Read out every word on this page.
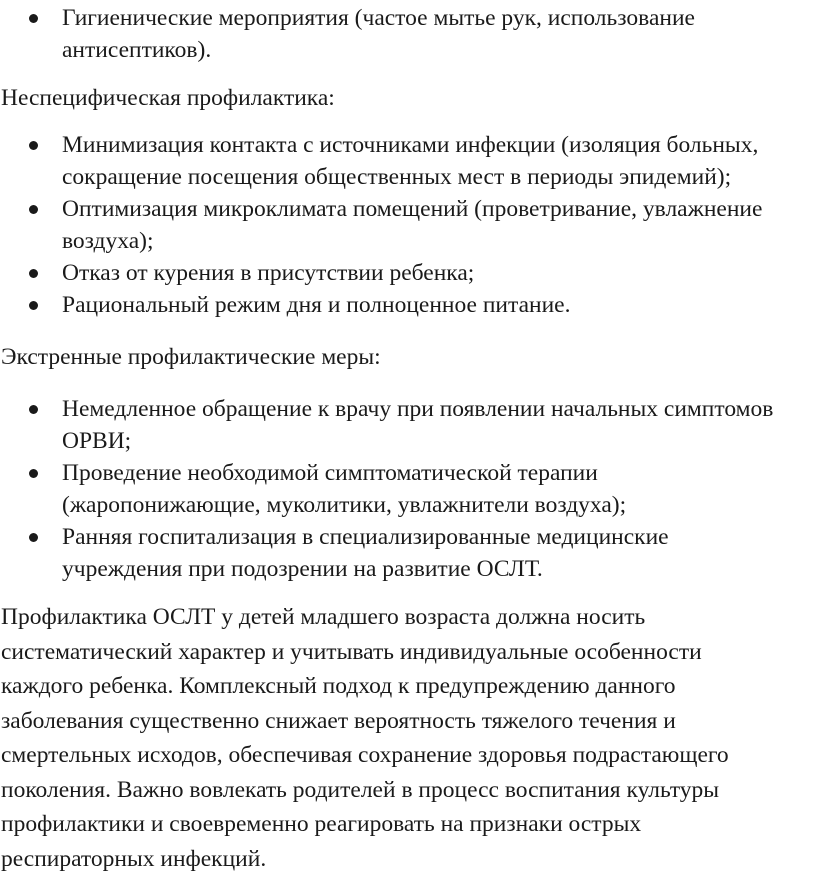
Гигиенические мероприятия (частое мытье рук, использование
антисептиков).

Неспецифическая профилактика:

Минимизация контакта с источниками инфекции (изоляция больных,
сокращение посещения общественных мест в периоды эпидемий);
Оптимизация микроклимата помещений (проветривание, увлажнение
воздуха);
Отказ от курения в присутствии ребенка;
Рациональный режим дня и полноценное питание.

Экстренные профилактические меры:

Немедленное обращение к врачу при появлении начальных симптомов
ОРВИ;
Проведение необходимой симптоматической терапии
(жаропонижающие, муколитики, увлажнители воздуха);
Ранняя госпитализация в специализированные медицинские
учреждения при подозрении на развитие ОСЛТ.

Профилактика ОСЛТ у детей младшего возраста должна носить
систематический характер и учитывать индивидуальные особенности
каждого ребенка. Комплексный подход к предупреждению данного
заболевания существенно снижает вероятность тяжелого течения и
смертельных исходов, обеспечивая сохранение здоровья подрастающего
поколения. Важно вовлекать родителей в процесс воспитания культуры
профилактики и своевременно реагировать на признаки острых
респираторных инфекций.
